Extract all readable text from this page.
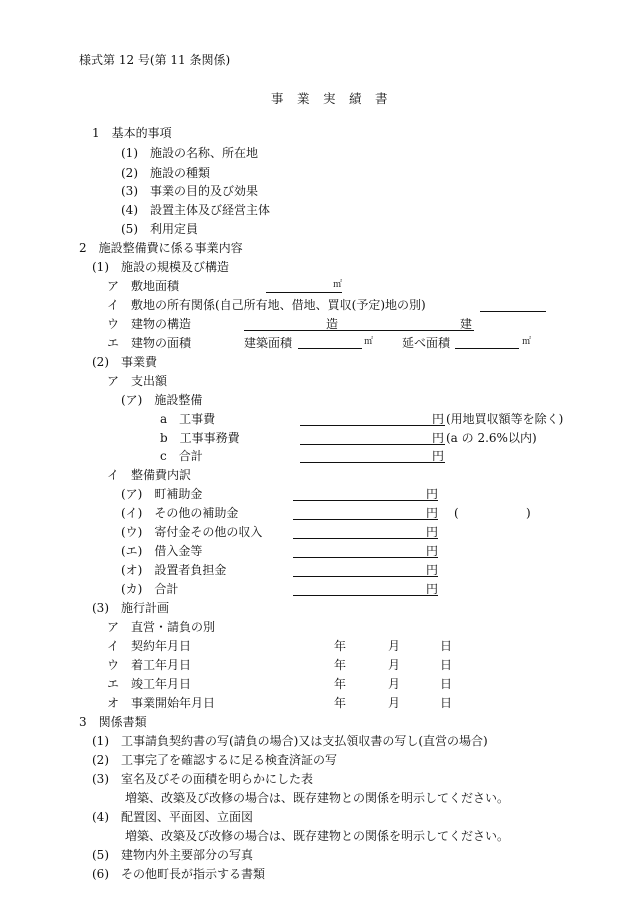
様式第 12 号(第 11 条関係)
事 業 実 績 書
1　基本的事項
(1)　施設の名称、所在地
(2)　施設の種類
(3)　事業の目的及び効果
(4)　設置主体及び経営主体
(5)　利用定員
2　施設整備費に係る事業内容
(1)　施設の規模及び構造
ア　敷地面積	㎡
イ　敷地の所有関係(自己所有地、借地、買収(予定)地の別)
ウ　建物の構造	造	建
エ　建物の面積	建築面積	㎡ 延べ面積	㎡
(2)　事業費
ア　支出額
(ア)　施設整備
a　工事費	円 (用地買収額等を除く)
b　工事事務費	円 (a の 2.6%以内)
c　合計	円
イ　整備費内訳
(ア)　町補助金	円
(イ)　その他の補助金	円 (	)
(ウ)　寄付金その他の収入	円
(エ)　借入金等	円
(オ)　設置者負担金	円
(カ)　合計	円
(3)　施行計画
ア　直営・請負の別
イ　契約年月日	年	月	日
ウ　着工年月日	年	月	日
エ　竣工年月日	年	月	日
オ　事業開始年月日	年	月	日
3　関係書類
(1)　工事請負契約書の写(請負の場合)又は支払領収書の写し(直営の場合)
(2)　工事完了を確認するに足る検査済証の写
(3)　室名及びその面積を明らかにした表
増築、改築及び改修の場合は、既存建物との関係を明示してください。
(4)　配置図、平面図、立面図
増築、改築及び改修の場合は、既存建物との関係を明示してください。
(5)　建物内外主要部分の写真
(6)　その他町長が指示する書類
